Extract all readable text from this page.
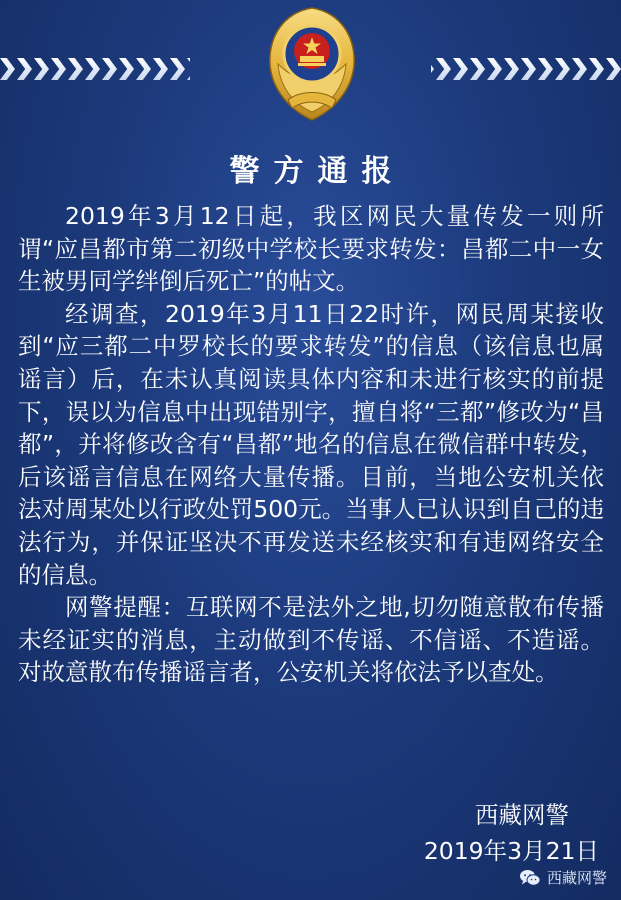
警方通报

2019年3月12日起，我区网民大量传发一则所谓“应昌都市第二初级中学校长要求转发：昌都二中一女生被男同学绊倒后死亡”的帖文。

经调查，2019年3月11日22时许，网民周某接收到“应三都二中罗校长的要求转发”的信息（该信息也属谣言）后，在未认真阅读具体内容和未进行核实的前提下，误以为信息中出现错别字，擅自将“三都”修改为“昌都”，并将修改含有“昌都”地名的信息在微信群中转发，后该谣言信息在网络大量传播。目前，当地公安机关依法对周某处以行政处罚500元。当事人已认识到自己的违法行为，并保证坚决不再发送未经核实和有违网络安全的信息。

网警提醒：互联网不是法外之地,切勿随意散布传播未经证实的消息，主动做到不传谣、不信谣、不造谣。对故意散布传播谣言者，公安机关将依法予以查处。

西藏网警
2019年3月21日
西藏网警
